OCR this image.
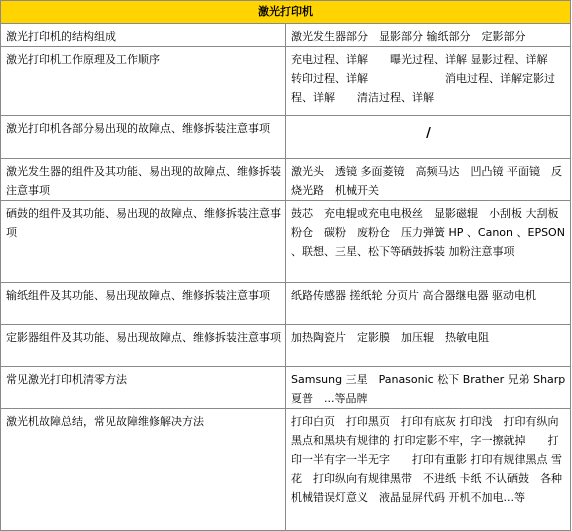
激光打印机	
激光打印机的结构组成	激光发生器部分　显影部分 输纸部分　定影部分
激光打印机工作原理及工作顺序	充电过程、详解　　曝光过程、详解 显影过程、详解　　转印过程、详解　　　　　　　消电过程、详解定影过程、详解　　清洁过程、详解
激光打印机各部分易出现的故障点、维修拆装注意事项	/
激光发生器的组件及其功能、易出现的故障点、维修拆装注意事项	激光头　透镜 多面菱镜　高频马达　凹凸镜 平面镜　反烧光路　机械开关
硒鼓的组件及其功能、易出现的故障点、维修拆装注意事项	鼓芯　充电辊或充电电极丝　显影磁辊　小刮板 大刮板　粉仓　碳粉　废粉仓　压力弹簧 HP 、Canon 、EPSON 、联想、三星、松下等硒鼓拆装 加粉注意事项
输纸组件及其功能、易出现故障点、维修拆装注意事项	纸路传感器 搓纸轮 分页片 高合器继电器 驱动电机
定影器组件及其功能、易出现故障点、维修拆装注意事项	加热陶瓷片　定影膜　加压辊　热敏电阻
常见激光打印机清零方法	Samsung 三星　Panasonic 松下 Brather 兄弟 Sharp 夏普　...等品牌
激光机故障总结，常见故障维修解决方法	打印白页　打印黑页　打印有底灰 打印浅　打印有纵向黑点和黑块有规律的 打印定影不牢，字一擦就掉　　打印一半有字一半无字　　打印有重影 打印有规律黑点 雪花　打印纵向有规律黑带　不进纸 卡纸 不认硒鼓　各种机械错误灯意义　液晶显屏代码 开机不加电...等
